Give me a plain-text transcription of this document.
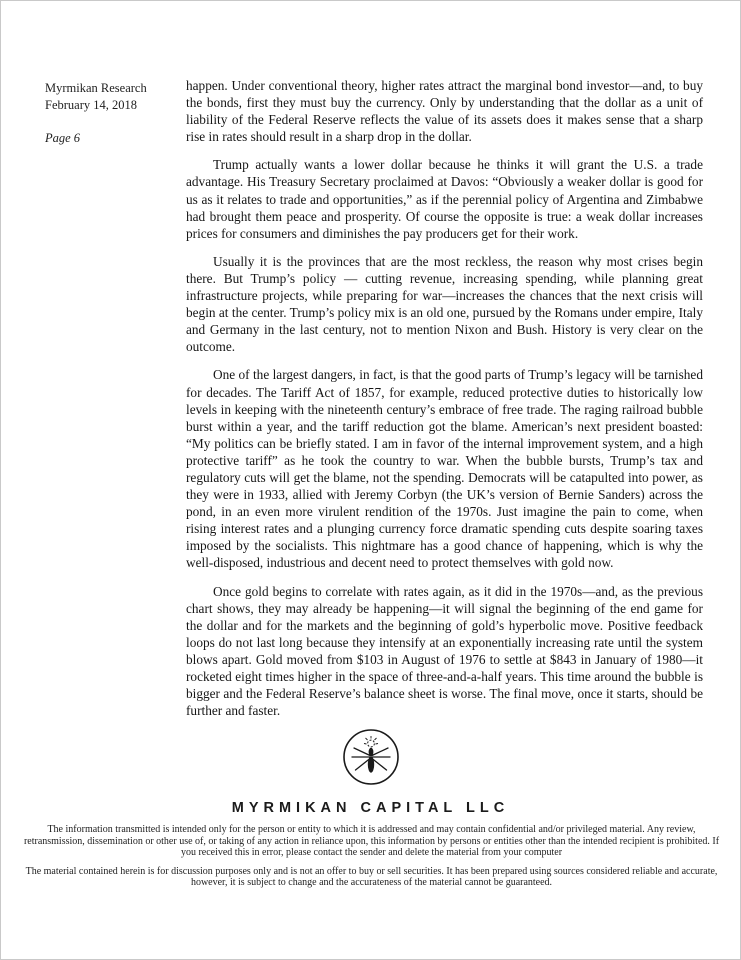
Myrmikan Research
February 14, 2018
Page 6

happen. Under conventional theory, higher rates attract the marginal bond investor—and, to buy the bonds, first they must buy the currency. Only by understanding that the dollar as a unit of liability of the Federal Reserve reflects the value of its assets does it makes sense that a sharp rise in rates should result in a sharp drop in the dollar.

Trump actually wants a lower dollar because he thinks it will grant the U.S. a trade advantage. His Treasury Secretary proclaimed at Davos: “Obviously a weaker dollar is good for us as it relates to trade and opportunities,” as if the perennial policy of Argentina and Zimbabwe had brought them peace and prosperity. Of course the opposite is true: a weak dollar increases prices for consumers and diminishes the pay producers get for their work.

Usually it is the provinces that are the most reckless, the reason why most crises begin there. But Trump’s policy — cutting revenue, increasing spending, while planning great infrastructure projects, while preparing for war—increases the chances that the next crisis will begin at the center. Trump’s policy mix is an old one, pursued by the Romans under empire, Italy and Germany in the last century, not to mention Nixon and Bush. History is very clear on the outcome.

One of the largest dangers, in fact, is that the good parts of Trump’s legacy will be tarnished for decades. The Tariff Act of 1857, for example, reduced protective duties to historically low levels in keeping with the nineteenth century’s embrace of free trade. The raging railroad bubble burst within a year, and the tariff reduction got the blame. American’s next president boasted: “My politics can be briefly stated. I am in favor of the internal improvement system, and a high protective tariff” as he took the country to war. When the bubble bursts, Trump’s tax and regulatory cuts will get the blame, not the spending. Democrats will be catapulted into power, as they were in 1933, allied with Jeremy Corbyn (the UK’s version of Bernie Sanders) across the pond, in an even more virulent rendition of the 1970s. Just imagine the pain to come, when rising interest rates and a plunging currency force dramatic spending cuts despite soaring taxes imposed by the socialists. This nightmare has a good chance of happening, which is why the well-disposed, industrious and decent need to protect themselves with gold now.

Once gold begins to correlate with rates again, as it did in the 1970s—and, as the previous chart shows, they may already be happening—it will signal the beginning of the end game for the dollar and for the markets and the beginning of gold’s hyperbolic move. Positive feedback loops do not last long because they intensify at an exponentially increasing rate until the system blows apart. Gold moved from $103 in August of 1976 to settle at $843 in January of 1980—it rocketed eight times higher in the space of three-and-a-half years. This time around the bubble is bigger and the Federal Reserve’s balance sheet is worse. The final move, once it starts, should be further and faster.

MYRMIKAN CAPITAL LLC

The information transmitted is intended only for the person or entity to which it is addressed and may contain confidential and/or privileged material. Any review, retransmission, dissemination or other use of, or taking of any action in reliance upon, this information by persons or entities other than the intended recipient is prohibited. If you received this in error, please contact the sender and delete the material from your computer

The material contained herein is for discussion purposes only and is not an offer to buy or sell securities. It has been prepared using sources considered reliable and accurate, however, it is subject to change and the accurateness of the material cannot be guaranteed.
